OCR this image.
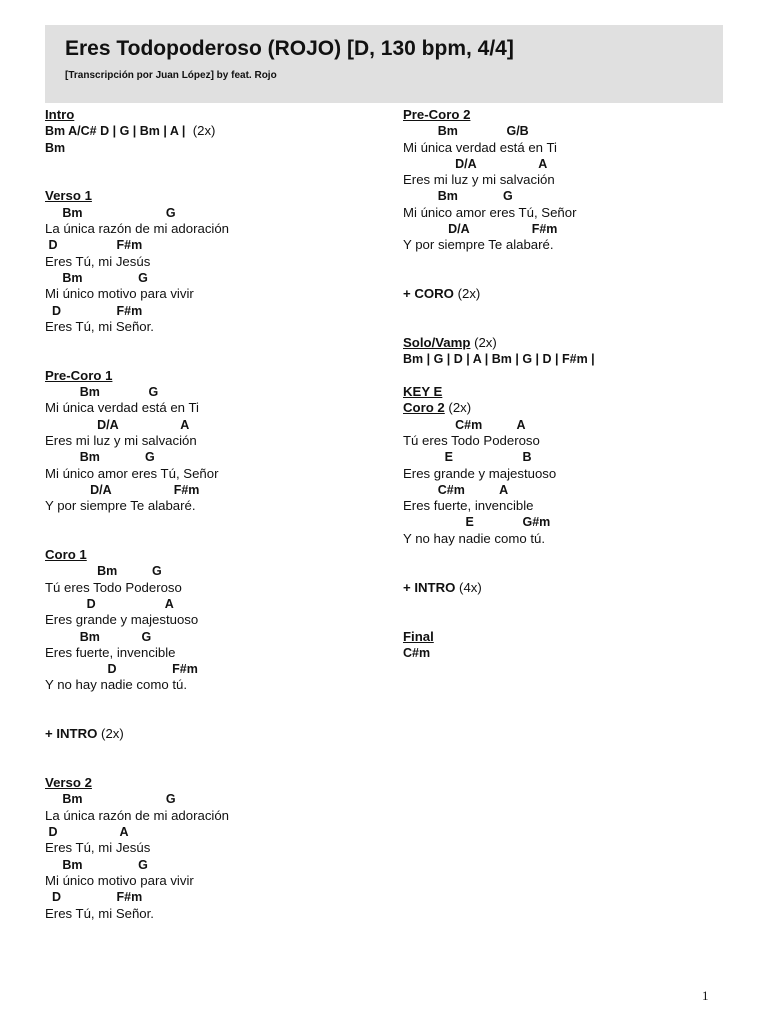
Eres Todopoderoso (ROJO) [D, 130 bpm, 4/4]
[Transcripción por Juan López] by feat. Rojo
Intro
Bm A/C# D | G | Bm | A |  (2x)
Bm
Verso 1
Bm                        G
La única razón de mi adoración
D                 F#m
Eres Tú, mi Jesús
Bm                G
Mi único motivo para vivir
D                F#m
Eres Tú, mi Señor.
Pre-Coro 1
Bm              G
Mi única verdad está en Ti
D/A                  A
Eres mi luz y mi salvación
Bm             G
Mi único amor eres Tú, Señor
D/A                  F#m
Y por siempre Te alabaré.
Coro 1
Bm          G
Tú eres Todo Poderoso
D                    A
Eres grande y majestuoso
Bm            G
Eres fuerte, invencible
D                F#m
Y no hay nadie como tú.
+ INTRO (2x)
Verso 2
Bm                        G
La única razón de mi adoración
D                  A
Eres Tú, mi Jesús
Bm                G
Mi único motivo para vivir
D                F#m
Eres Tú, mi Señor.
Pre-Coro 2
Bm              G/B
Mi única verdad está en Ti
D/A                  A
Eres mi luz y mi salvación
Bm             G
Mi único amor eres Tú, Señor
D/A                  F#m
Y por siempre Te alabaré.
+ CORO (2x)
Solo/Vamp (2x)
Bm | G | D | A | Bm | G | D | F#m |
KEY E
Coro 2 (2x)
C#m          A
Tú eres Todo Poderoso
E                    B
Eres grande y majestuoso
C#m          A
Eres fuerte, invencible
E              G#m
Y no hay nadie como tú.
+ INTRO (4x)
Final
C#m
1
